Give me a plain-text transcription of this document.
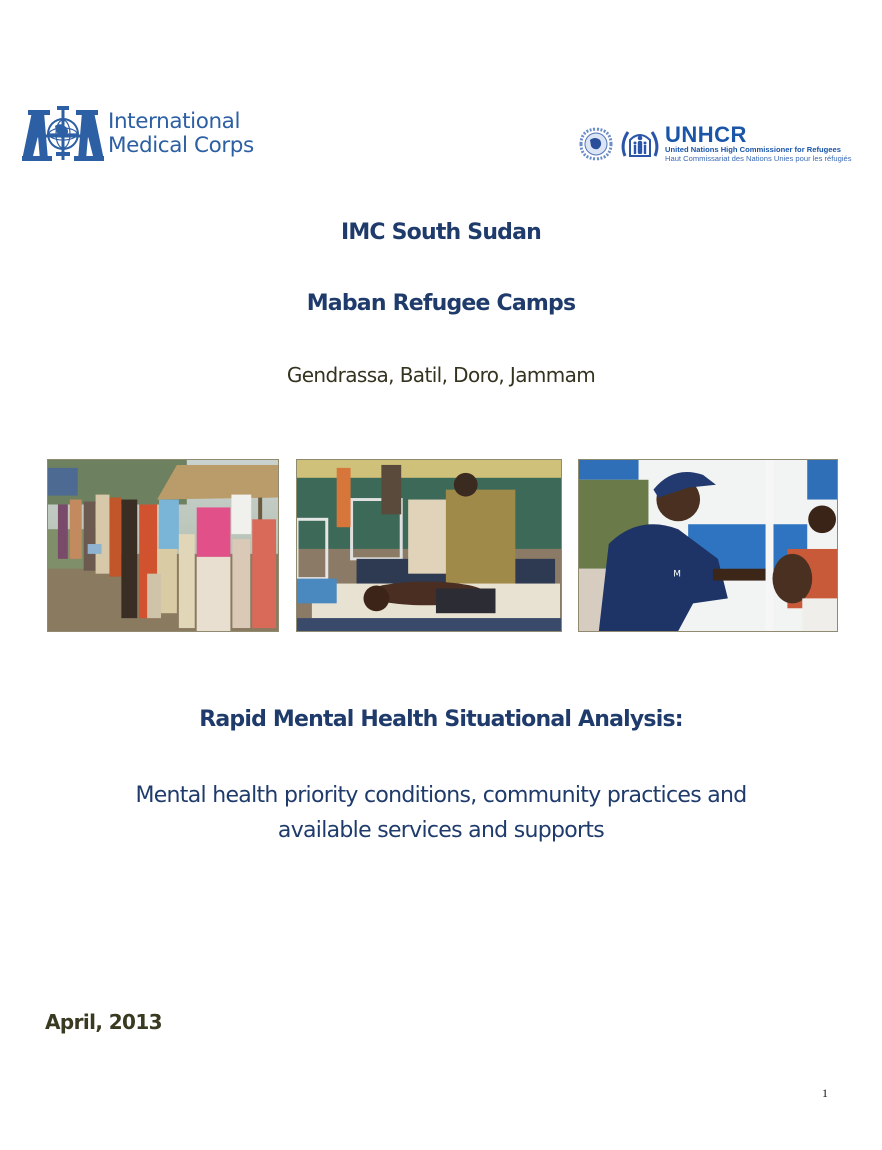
International
Medical Corps	UNHCR
United Nations High Commissioner for Refugees
Haut Commissariat des Nations Unies pour les réfugiés
IMC South Sudan
Maban Refugee Camps
Gendrassa, Batil, Doro, Jammam
M
Rapid Mental Health Situational Analysis:
Mental health priority conditions, community practices and
available services and supports
April, 2013
1
